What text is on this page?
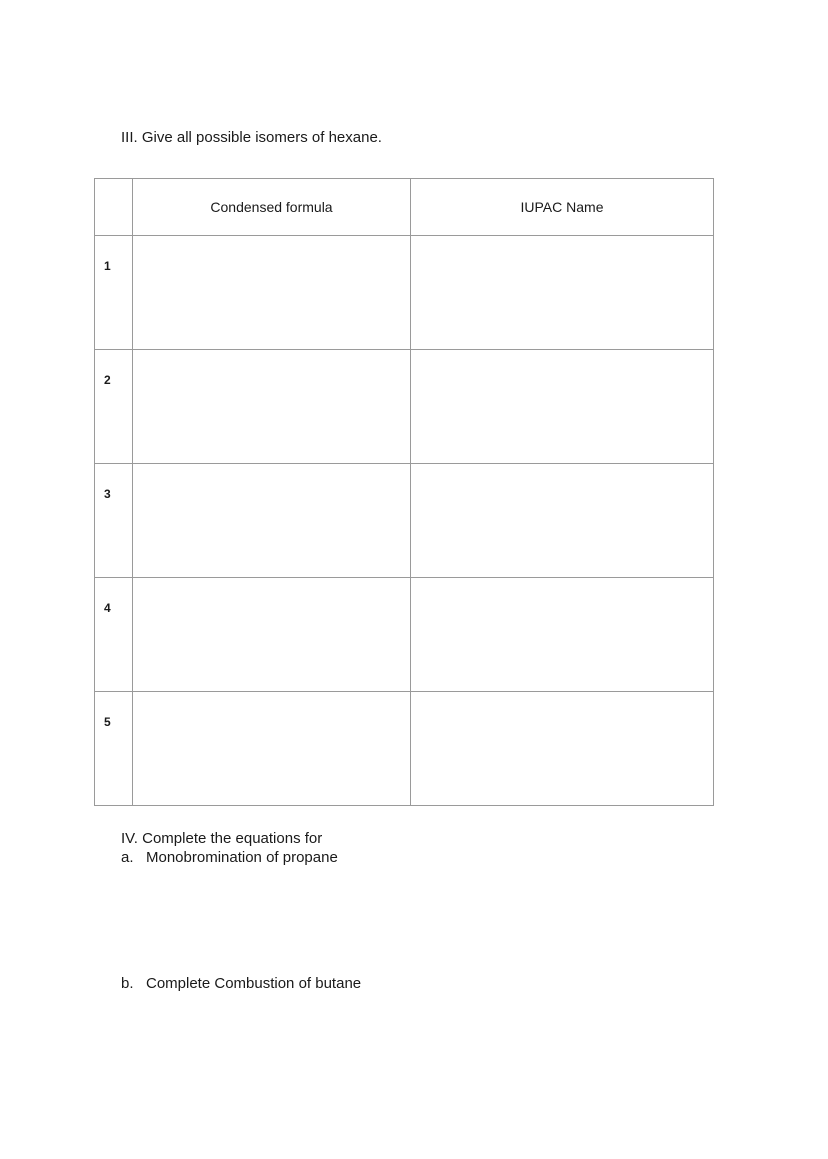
III. Give all possible isomers of hexane.
	Condensed formula	IUPAC Name

1		

2		

3		

4		

5		

IV. Complete the equations for
a. Monobromination of propane
b. Complete Combustion of butane
